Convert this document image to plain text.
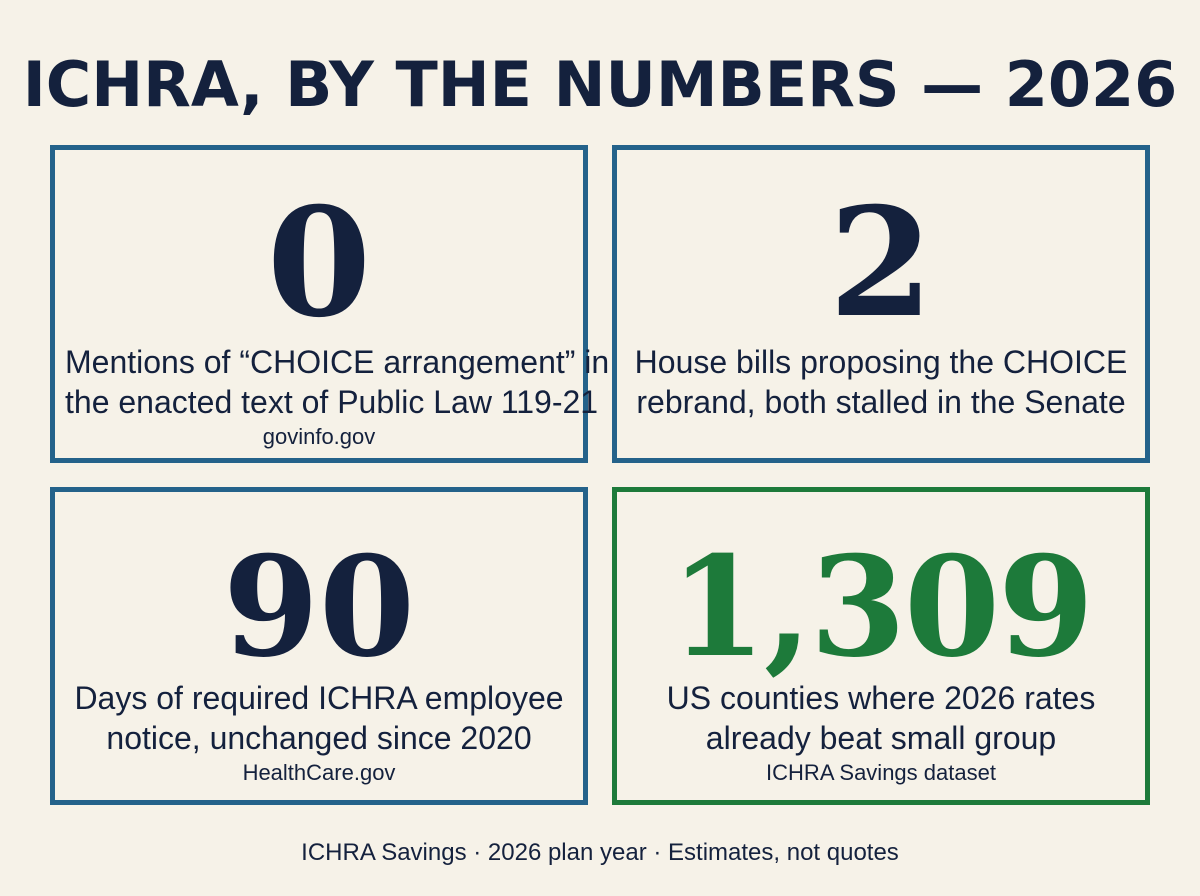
ICHRA, BY THE NUMBERS — 2026
0
Mentions of “CHOICE arrangement” in
the enacted text of Public Law 119-21
govinfo.gov
2
House bills proposing the CHOICE
rebrand, both stalled in the Senate
90
Days of required ICHRA employee
notice, unchanged since 2020
HealthCare.gov
1,309
US counties where 2026 rates
already beat small group
ICHRA Savings dataset
ICHRA Savings · 2026 plan year · Estimates, not quotes
